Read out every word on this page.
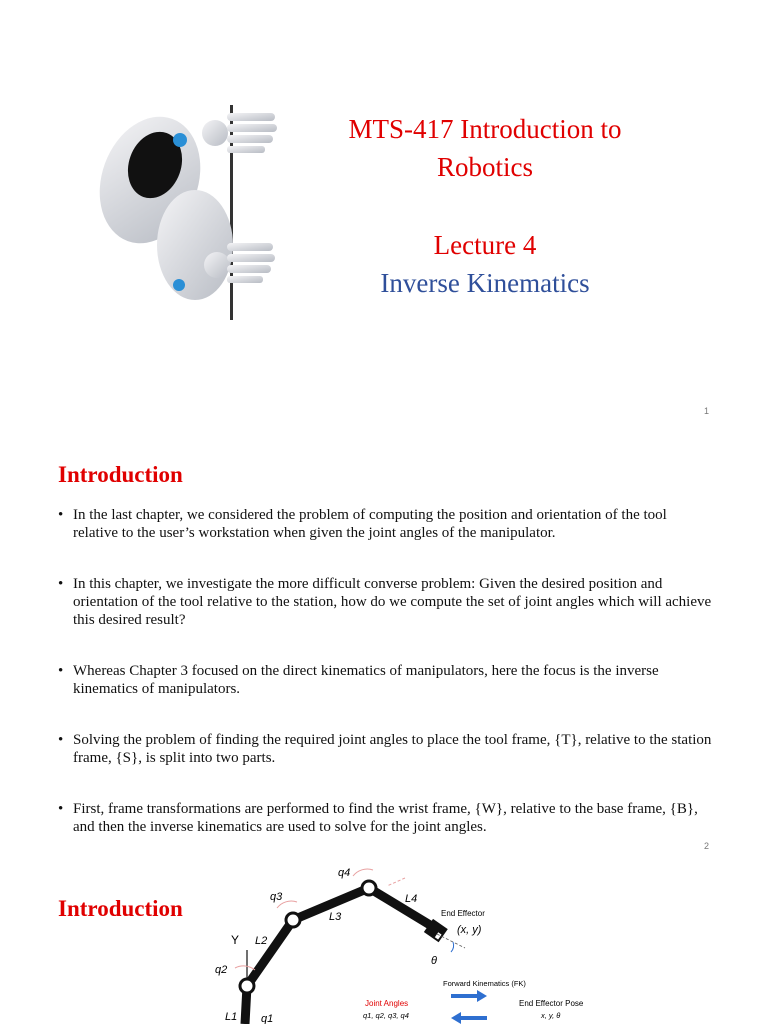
MTS-417 Introduction to
Robotics
Lecture 4
Inverse Kinematics
1
Introduction
• In the last chapter, we considered the problem of computing the position and orientation of the tool relative to the user’s workstation when given the joint angles of the manipulator.
• In this chapter, we investigate the more difficult converse problem: Given the desired position and orientation of the tool relative to the station, how do we compute the set of joint angles which will achieve this desired result?
• Whereas Chapter 3 focused on the direct kinematics of manipulators, here the focus is the inverse kinematics of manipulators.
• Solving the problem of finding the required joint angles to place the tool frame, {T}, relative to the station frame, {S}, is split into two parts.
• First, frame transformations are performed to find the wrist frame, {W}, relative to the base frame, {B}, and then the inverse kinematics are used to solve for the joint angles.
2
Introduction
Y
q4
q3
q2
q1
L4
L3
L2
L1
End Effector
(x, y)
θ
Forward Kinematics (FK)
Joint Angles
q1, q2, q3, q4
End Effector Pose
x, y, θ
